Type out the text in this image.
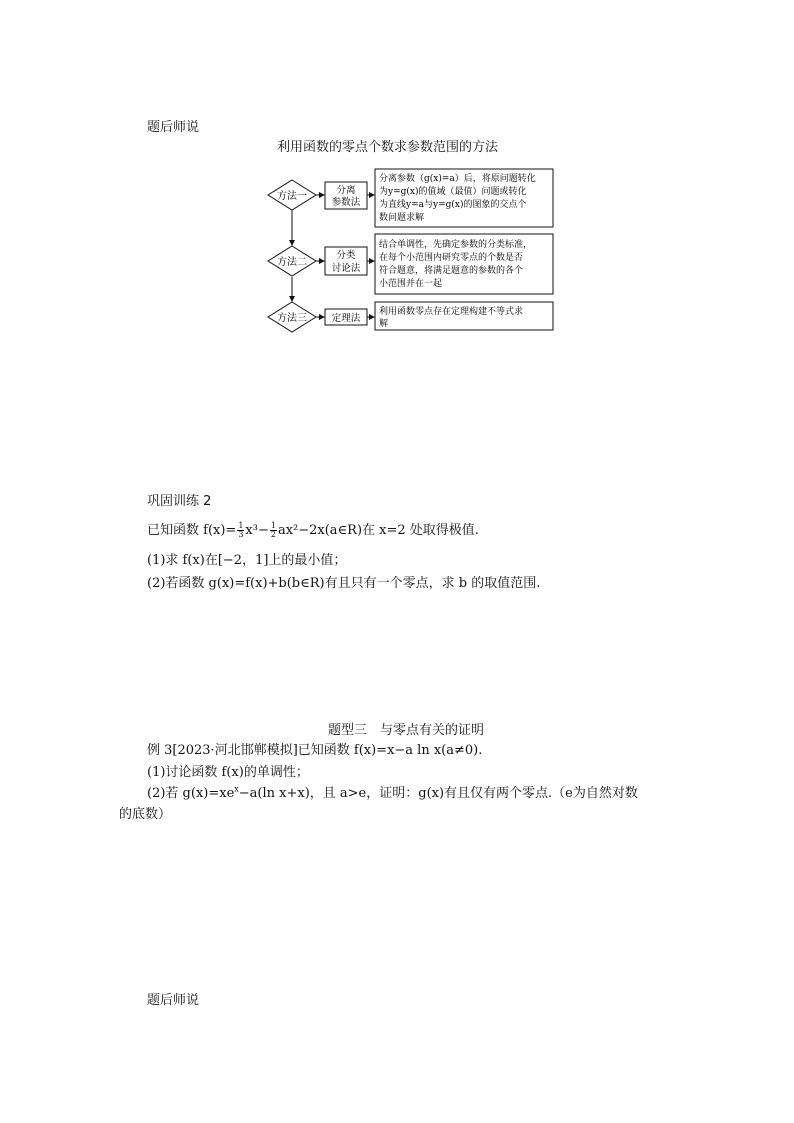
题后师说
利用函数的零点个数求参数范围的方法
方法一
分离
参数法
分离参数（g(x)=a）后，将原问题转化
为y=g(x)的值域（最值）问题或转化
为直线y=a与y=g(x)的图象的交点个
数问题求解
方法二
分类
讨论法
结合单调性，先确定参数的分类标准，
在每个小范围内研究零点的个数是否
符合题意，将满足题意的参数的各个
小范围并在一起
方法三	定理法
利用函数零点存在定理构建不等式求
解
巩固训练 2
已知函数 $f(x)= \frac{1}{3} x^3- \frac{1}{2}$ ax²−2x(a∈R)在 x=2 处取得极值.
(1)求 f(x)在[−2，1]上的最小值；
(2)若函数 g(x)=f(x)+b(b∈R)有且只有一个零点，求 b 的取值范围.
题型三　与零点有关的证明
例 3[2023·河北邯郸模拟]已知函数 f(x)=x−a ln x(a≠0).
(1)讨论函数 f(x)的单调性；
(2)若 $g(x)=xe^x-a(\ln$ x+x)，且 a>e，证明：g(x)有且仅有两个零点.（e为自然对数
的底数）
题后师说
